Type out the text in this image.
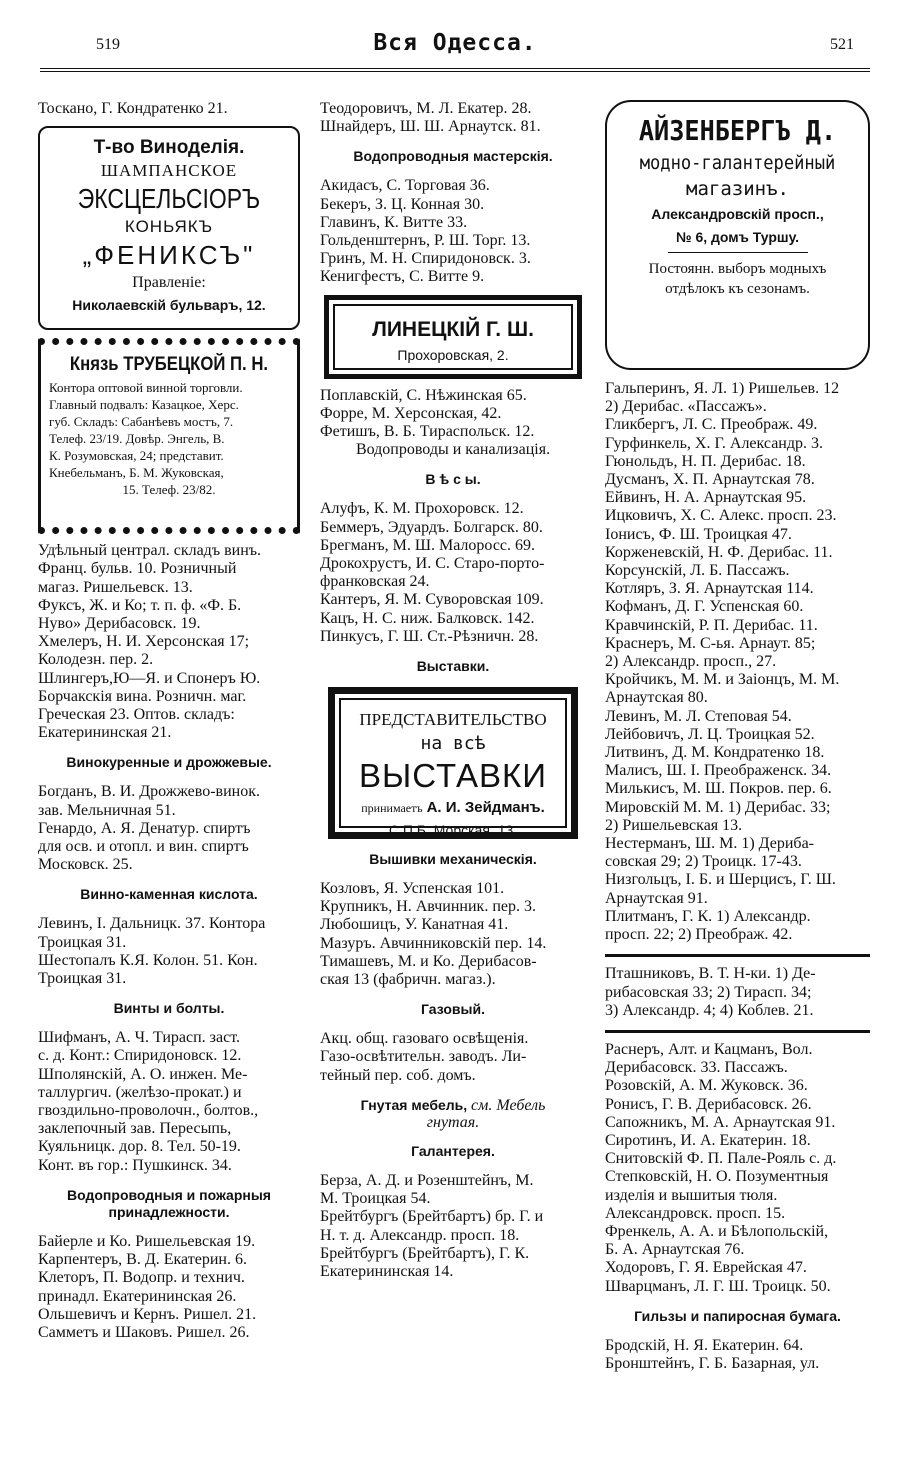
519	Вся Одесса.	521

Тоскано, Г. Кондратенко 21.

Т-во Виноделія.
ШАМПАНСКОЕ
ЭКСЦЕЛЬСІОРЪ
КОНЬЯКЪ
„ФЕНИКСЪ"
Правленіе:
Николаевскій бульваръ, 12.
Князь ТРУБЕЦКОЙ П. Н.
Контора оптовой винной торговли.
Главный подвалъ: Казацкое, Херс.
губ. Складъ: Сабанѣевъ мостъ, 7.
Телеф. 23/19. Довѣр. Энгель, В.
К. Розумовская, 24; представит.
Кнебельманъ, Б. М. Жуковская,
15. Телеф. 23/82.

Удѣльный централ. складъ винъ.

Франц. бульв. 10. Розничный

магаз. Ришельевск. 13.

Фуксъ, Ж. и Ко; т. п. ф. «Ф. Б.

Нуво» Дерибасовск. 19.

Хмелеръ, Н. И. Херсонская 17;

Колодезн. пер. 2.

Шлингеръ,Ю—Я. и Спонеръ Ю.

Борчакскія вина. Розничн. маг.

Греческая 23. Оптов. складъ:

Екатерининская 21.

Винокуренные и дрожжевые.

Богданъ, В. И. Дрожжево-винок.

зав. Мельничная 51.

Генардо, А. Я. Денатур. спиртъ

для осв. и отопл. и вин. спиртъ

Московск. 25.

Винно-каменная кислота.

Левинъ, І. Дальницк. 37. Контора

Троицкая 31.

Шестопалъ К.Я. Колон. 51. Кон.

Троицкая 31.

Винты и болты.

Шифманъ, А. Ч. Тирасп. заст.

с. д. Конт.: Спиридоновск. 12.

Шполянскій, А. О. инжен. Ме-

таллургич. (желѣзо-прокат.) и

гвоздильно-проволочн., болтов.,

заклепочный зав. Пересыпь,

Куяльницк. дор. 8. Тел. 50-19.

Конт. въ гор.: Пушкинск. 34.

Водопроводныя и пожарныя принадлежности.

Байерле и Ко. Ришельевская 19.

Карпентеръ, В. Д. Екатерин. 6.

Клеторъ, П. Водопр. и технич.

принадл. Екатерининская 26.

Ольшевичъ и Кернъ. Ришел. 21.

Самметъ и Шаковъ. Ришел. 26.

Теодоровичъ, М. Л. Екатер. 28.

Шнайдеръ, Ш. Ш. Арнаутск. 81.

Водопроводныя мастерскія.

Акидасъ, С. Торговая 36.

Бекеръ, З. Ц. Конная 30.

Главинъ, К. Витте 33.

Гольденштернъ, Р. Ш. Торг. 13.

Гринъ, М. Н. Спиридоновск. 3.

Кенигфестъ, С. Витте 9.

ЛИНЕЦКІЙ Г. Ш.
Прохоровская, 2.

Поплавскій, С. Нѣжинская 65.

Форре, М. Херсонская, 42.

Фетишъ, В. Б. Тираспольск. 12.

Водопроводы и канализація.

В ѣ с ы.

Алуфъ, К. М. Прохоровск. 12.

Беммеръ, Эдуардъ. Болгарск. 80.

Брегманъ, М. Ш. Малоросс. 69.

Дрокохрустъ, И. С. Старо-порто-

франковская 24.

Кантеръ, Я. М. Суворовская 109.

Кацъ, Н. С. ниж. Балковск. 142.

Пинкусъ, Г. Ш. Ст.-Рѣзничн. 28.

Выставки.
ПРЕДСТАВИТЕЛЬСТВО
на всѣ
ВЫСТАВКИ
принимаетъ А. И. Зейдманъ.
С.П.Б. Морская, 13.
Вышивки механическія.

Козловъ, Я. Успенская 101.

Крупникъ, Н. Авчинник. пер. 3.

Любошицъ, У. Канатная 41.

Мазуръ. Авчинниковскій пер. 14.

Тимашевъ, М. и Ко. Дерибасов-

ская 13 (фабричн. магаз.).

Газовый.

Акц. общ. газоваго освѣщенія.

Газо-освѣтительн. заводъ. Ли-

тейный пер. соб. домъ.

Гнутая мебель, см. Мебель
гнутая.
Галантерея.

Берза, А. Д. и Розенштейнъ, М.

М. Троицкая 54.

Брейтбургъ (Брейтбартъ) бр. Г. и

Н. т. д. Александр. просп. 18.

Брейтбургъ (Брейтбартъ), Г. К.

Екатерининская 14.

АЙЗЕНБЕРГЪ Д.
модно-галантерейный
магазинъ.
Александровскій просп.,
№ 6, домъ Туршу.
Постоянн. выборъ модныхъ
отдѣлокъ къ сезонамъ.

Гальперинъ, Я. Л. 1) Ришельев. 12

2) Дерибас. «Пассажъ».

Гликбергъ, Л. С. Преображ. 49.

Гурфинкель, Х. Г. Александр. 3.

Гюнольдъ, Н. П. Дерибас. 18.

Дусманъ, Х. П. Арнаутская 78.

Ейвинъ, Н. А. Арнаутская 95.

Ицковичъ, Х. С. Алекс. просп. 23.

Іонисъ, Ф. Ш. Троицкая 47.

Корженевскій, Н. Ф. Дерибас. 11.

Корсунскій, Л. Б. Пассажъ.

Котляръ, З. Я. Арнаутская 114.

Кофманъ, Д. Г. Успенская 60.

Кравчинскій, Р. П. Дерибас. 11.

Краснеръ, М. С-ья. Арнаут. 85;

2) Александр. просп., 27.

Кройчикъ, М. М. и Заіонцъ, М. М.

Арнаутская 80.

Левинъ, М. Л. Степовая 54.

Лейбовичъ, Л. Ц. Троицкая 52.

Литвинъ, Д. М. Кондратенко 18.

Малисъ, Ш. І. Преображенск. 34.

Милькисъ, М. Ш. Покров. пер. 6.

Мировскій М. М. 1) Дерибас. 33;

2) Ришельевская 13.

Нестерманъ, Ш. М. 1) Дериба-

совская 29; 2) Троицк. 17-43.

Низгольцъ, І. Б. и Шерцисъ, Г. Ш.

Арнаутская 91.

Плитманъ, Г. К. 1) Александр.

просп. 22; 2) Преображ. 42.

Пташниковъ, В. Т. Н-ки. 1) Де-

рибасовская 33; 2) Тирасп. 34;

3) Александр. 4; 4) Коблев. 21.

Раснеръ, Алт. и Кацманъ, Вол.

Дерибасовск. 33. Пассажъ.

Розовскій, А. М. Жуковск. 36.

Ронисъ, Г. В. Дерибасовск. 26.

Сапожникъ, М. А. Арнаутская 91.

Сиротинъ, И. А. Екатерин. 18.

Снитовскій Ф. П. Пале-Рояль с. д.

Степковскій, Н. О. Позументныя

изделія и вышитыя тюля.

Александровск. просп. 15.

Френкель, А. А. и Бѣлопольскій,

Б. А. Арнаутская 76.

Ходоровъ, Г. Я. Еврейская 47.

Шварцманъ, Л. Г. Ш. Троицк. 50.

Гильзы и папиросная бумага.

Бродскій, Н. Я. Екатерин. 64.

Бронштейнъ, Г. Б. Базарная, ул.
